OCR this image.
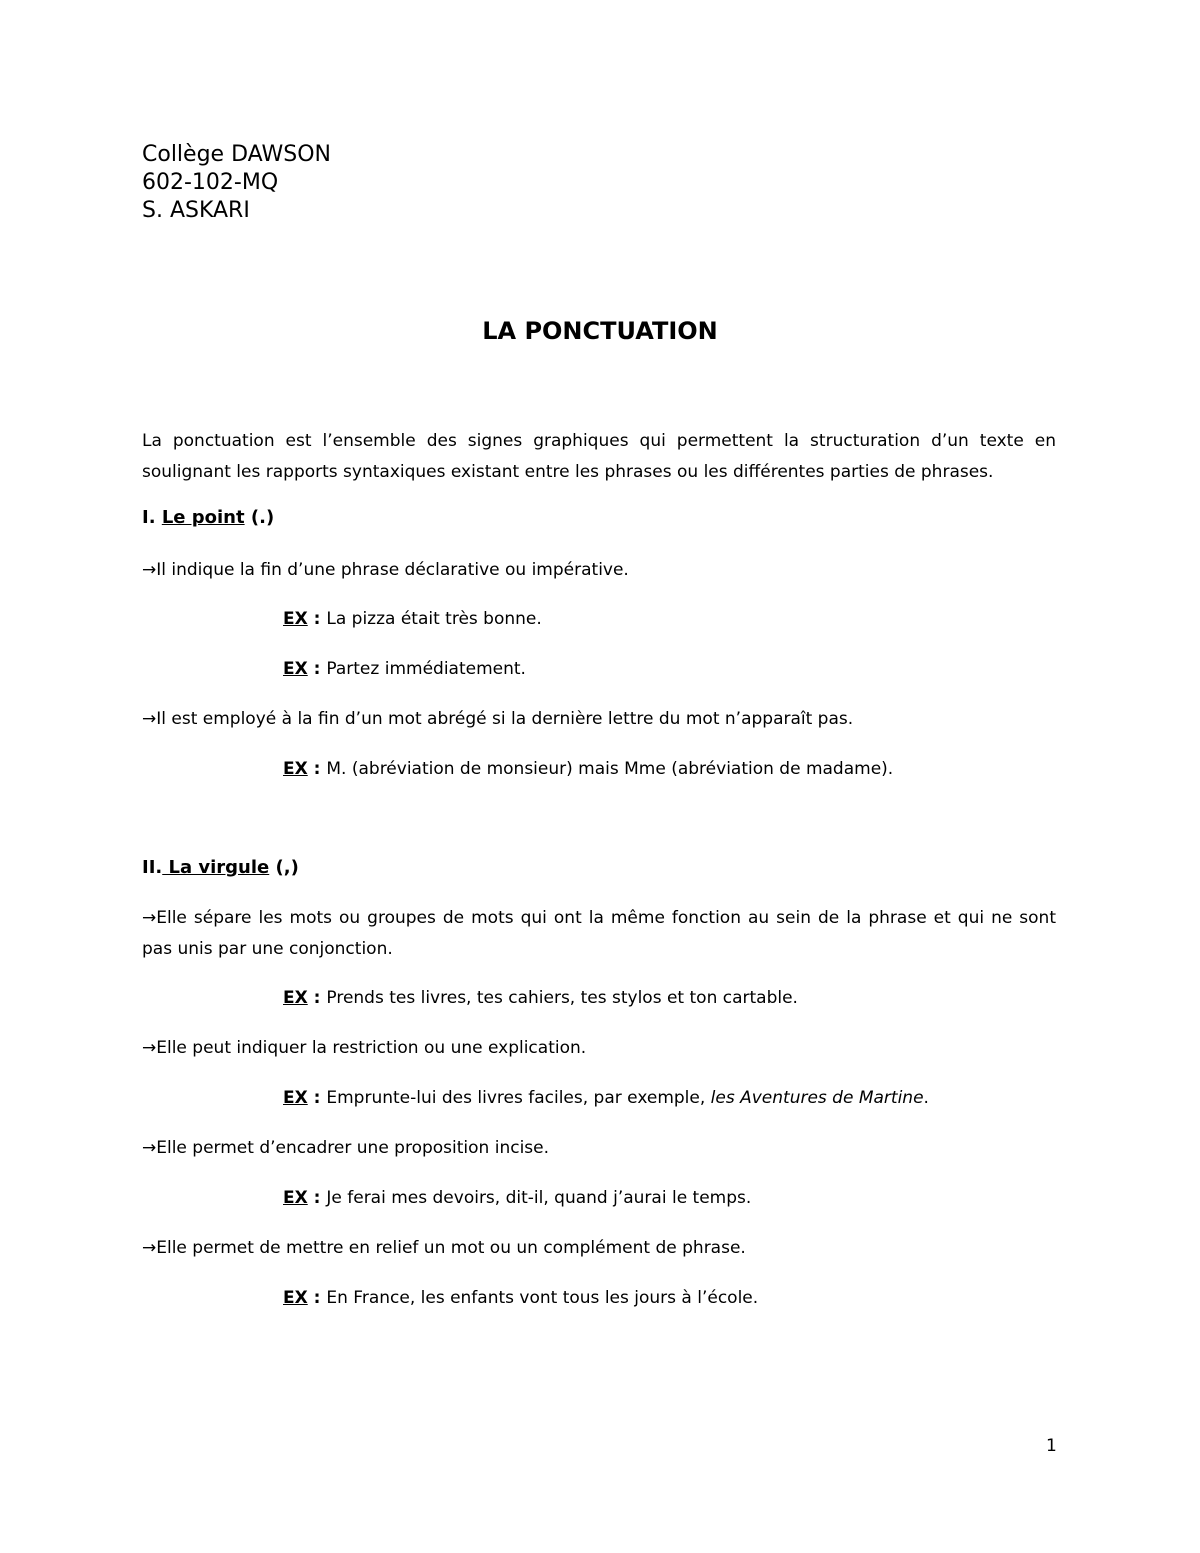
Collège DAWSON
602-102-MQ
S. ASKARI
LA PONCTUATION
La ponctuation est l’ensemble des signes graphiques qui permettent la structuration d’un texte en soulignant les rapports syntaxiques existant entre les phrases ou les différentes parties de phrases.
I. Le point (.)
→Il indique la fin d’une phrase déclarative ou impérative.
EX : La pizza était très bonne.
EX : Partez immédiatement.
→Il est employé à la fin d’un mot abrégé si la dernière lettre du mot n’apparaît pas.
EX : M. (abréviation de monsieur) mais Mme (abréviation de madame).
II. La virgule (,)
→Elle sépare les mots ou groupes de mots qui ont la même fonction au sein de la phrase et qui ne sont pas unis par une conjonction.
EX : Prends tes livres, tes cahiers, tes stylos et ton cartable.
→Elle peut indiquer la restriction ou une explication.
EX : Emprunte-lui des livres faciles, par exemple, les Aventures de Martine.
→Elle permet d’encadrer une proposition incise.
EX : Je ferai mes devoirs, dit-il, quand j’aurai le temps.
→Elle permet de mettre en relief un mot ou un complément de phrase.
EX : En France, les enfants vont tous les jours à l’école.
1
